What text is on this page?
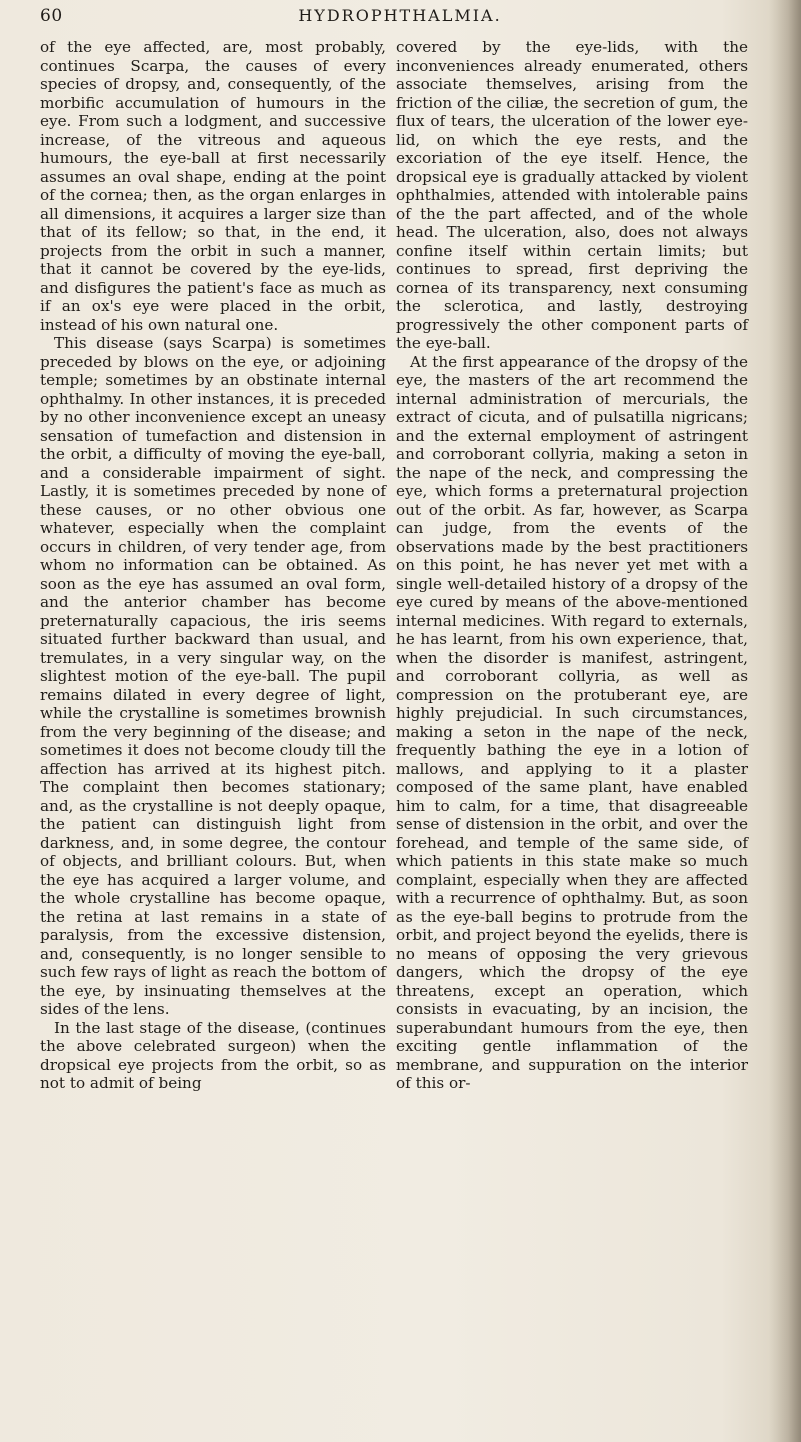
60	HYDROPHTHALMIA.

of the eye affected, are, most probably, continues Scarpa, the causes of every species of dropsy, and, consequently, of the morbific accumulation of humours in the eye. From such a lodgment, and successive increase, of the vitreous and aqueous humours, the eye-ball at first necessarily assumes an oval shape, ending at the point of the cornea; then, as the organ enlarges in all dimensions, it acquires a larger size than that of its fellow; so that, in the end, it projects from the orbit in such a manner, that it cannot be covered by the eye-lids, and disfigures the patient's face as much as if an ox's eye were placed in the orbit, instead of his own natural one.

This disease (says Scarpa) is sometimes preceded by blows on the eye, or adjoining temple; sometimes by an obstinate internal ophthalmy. In other instances, it is preceded by no other inconvenience except an uneasy sensation of tumefaction and distension in the orbit, a difficulty of moving the eye-ball, and a considerable impairment of sight. Lastly, it is sometimes preceded by none of these causes, or no other obvious one whatever, especially when the complaint occurs in children, of very tender age, from whom no information can be obtained. As soon as the eye has assumed an oval form, and the anterior chamber has become preternaturally capacious, the iris seems situated further backward than usual, and tremulates, in a very singular way, on the slightest motion of the eye-ball. The pupil remains dilated in every degree of light, while the crystalline is sometimes brownish from the very beginning of the disease; and sometimes it does not become cloudy till the affection has arrived at its highest pitch. The complaint then becomes stationary; and, as the crystalline is not deeply opaque, the patient can distinguish light from darkness, and, in some degree, the contour of objects, and brilliant colours. But, when the eye has acquired a larger volume, and the whole crystalline has become opaque, the retina at last remains in a state of paralysis, from the excessive distension, and, consequently, is no longer sensible to such few rays of light as reach the bottom of the eye, by insinuating themselves at the sides of the lens.

In the last stage of the disease, (continues the above celebrated surgeon) when the dropsical eye projects from the orbit, so as not to admit of being

covered by the eye-lids, with the inconveniences already enumerated, others associate themselves, arising from the friction of the ciliæ, the secretion of gum, the flux of tears, the ulceration of the lower eye-lid, on which the eye rests, and the excoriation of the eye itself. Hence, the dropsical eye is gradually attacked by violent ophthalmies, attended with intolerable pains of the the part affected, and of the whole head. The ulceration, also, does not always confine itself within certain limits; but continues to spread, first depriving the cornea of its transparency, next consuming the sclerotica, and lastly, destroying progressively the other component parts of the eye-ball.

At the first appearance of the dropsy of the eye, the masters of the art recommend the internal administration of mercurials, the extract of cicuta, and of pulsatilla nigricans; and the external employment of astringent and corroborant collyria, making a seton in the nape of the neck, and compressing the eye, which forms a preternatural projection out of the orbit. As far, however, as Scarpa can judge, from the events of the observations made by the best practitioners on this point, he has never yet met with a single well-detailed history of a dropsy of the eye cured by means of the above-mentioned internal medicines. With regard to externals, he has learnt, from his own experience, that, when the disorder is manifest, astringent, and corroborant collyria, as well as compression on the protuberant eye, are highly prejudicial. In such circumstances, making a seton in the nape of the neck, frequently bathing the eye in a lotion of mallows, and applying to it a plaster composed of the same plant, have enabled him to calm, for a time, that disagreeable sense of distension in the orbit, and over the forehead, and temple of the same side, of which patients in this state make so much complaint, especially when they are affected with a recurrence of ophthalmy. But, as soon as the eye-ball begins to protrude from the orbit, and project beyond the eyelids, there is no means of opposing the very grievous dangers, which the dropsy of the eye threatens, except an operation, which consists in evacuating, by an incision, the superabundant humours from the eye, then exciting gentle inflammation of the membrane, and suppuration on the interior of this or-
